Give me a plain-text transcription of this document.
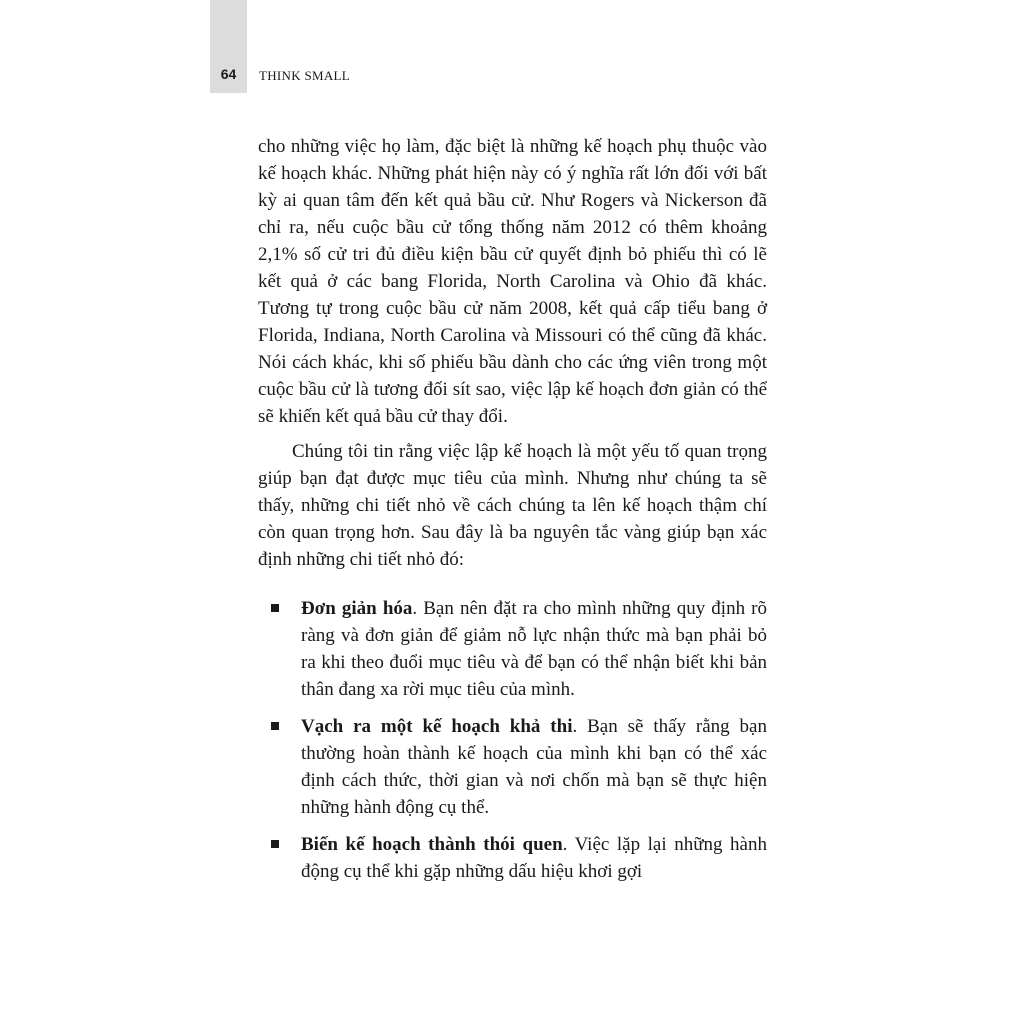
64	THINK SMALL

cho những việc họ làm, đặc biệt là những kế hoạch phụ thuộc vào kế hoạch khác. Những phát hiện này có ý nghĩa rất lớn đối với bất kỳ ai quan tâm đến kết quả bầu cử. Như Rogers và Nickerson đã chỉ ra, nếu cuộc bầu cử tổng thống năm 2012 có thêm khoảng 2,1% số cử tri đủ điều kiện bầu cử quyết định bỏ phiếu thì có lẽ kết quả ở các bang Florida, North Carolina và Ohio đã khác. Tương tự trong cuộc bầu cử năm 2008, kết quả cấp tiểu bang ở Florida, Indiana, North Carolina và Missouri có thể cũng đã khác. Nói cách khác, khi số phiếu bầu dành cho các ứng viên trong một cuộc bầu cử là tương đối sít sao, việc lập kế hoạch đơn giản có thể sẽ khiến kết quả bầu cử thay đổi.

Chúng tôi tin rằng việc lập kế hoạch là một yếu tố quan trọng giúp bạn đạt được mục tiêu của mình. Nhưng như chúng ta sẽ thấy, những chi tiết nhỏ về cách chúng ta lên kế hoạch thậm chí còn quan trọng hơn. Sau đây là ba nguyên tắc vàng giúp bạn xác định những chi tiết nhỏ đó:

Đơn giản hóa. Bạn nên đặt ra cho mình những quy định rõ ràng và đơn giản để giảm nỗ lực nhận thức mà bạn phải bỏ ra khi theo đuổi mục tiêu và để bạn có thể nhận biết khi bản thân đang xa rời mục tiêu của mình.
Vạch ra một kế hoạch khả thi. Bạn sẽ thấy rằng bạn thường hoàn thành kế hoạch của mình khi bạn có thể xác định cách thức, thời gian và nơi chốn mà bạn sẽ thực hiện những hành động cụ thể.
Biến kế hoạch thành thói quen. Việc lặp lại những hành động cụ thể khi gặp những dấu hiệu khơi gợi
